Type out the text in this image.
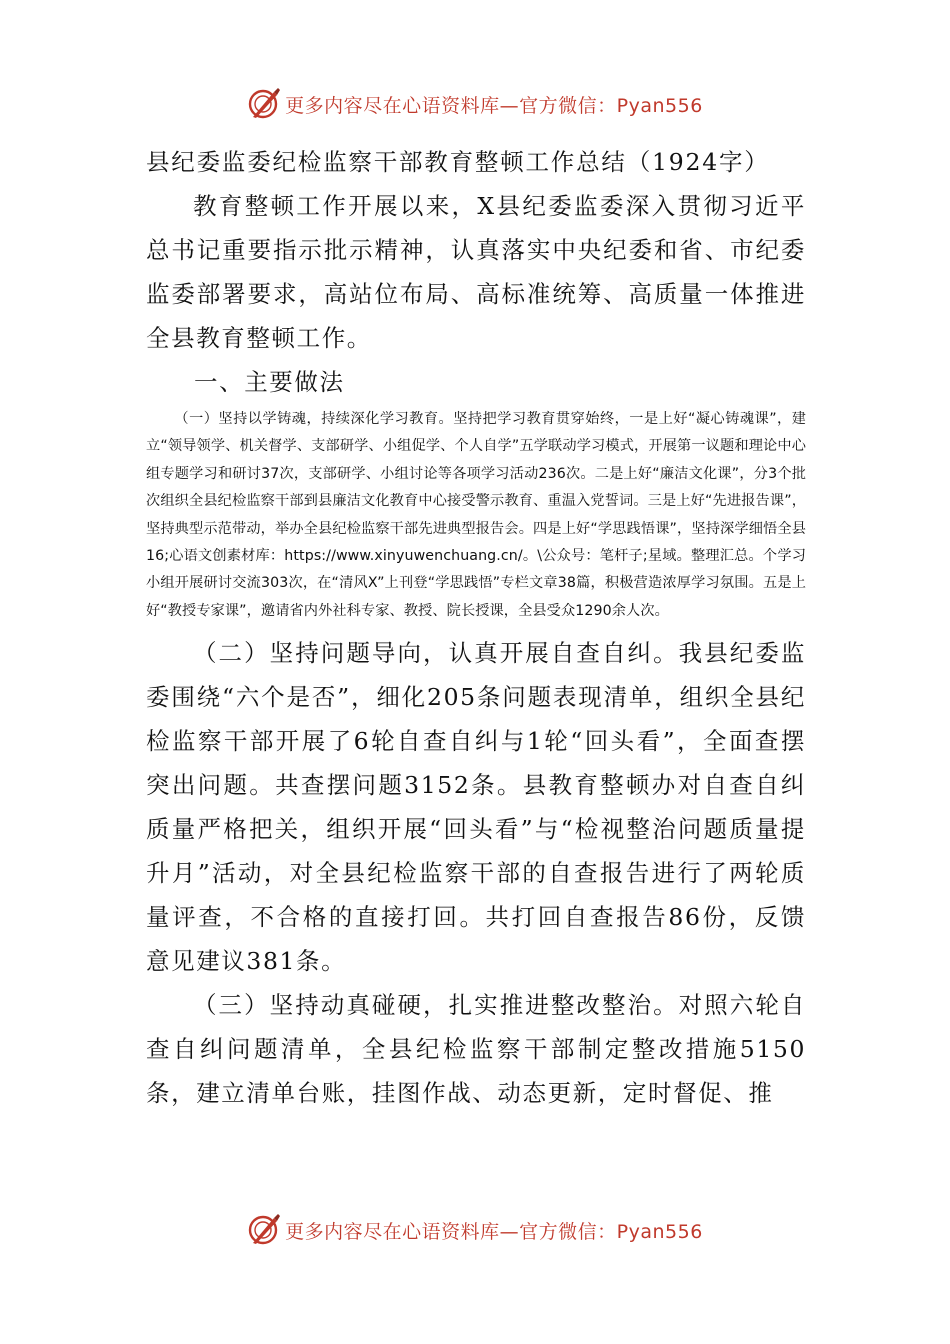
更多内容尽在心语资料库—官方微信：Pyan556

县纪委监委纪检监察干部教育整顿工作总结（1924字）

教育整顿工作开展以来，X县纪委监委深入贯彻习近平总书记重要指示批示精神，认真落实中央纪委和省、市纪委监委部署要求，高站位布局、高标准统筹、高质量一体推进全县教育整顿工作。

一、主要做法

（一）坚持以学铸魂，持续深化学习教育。坚持把学习教育贯穿始终，一是上好“凝心铸魂课”，建立“领导领学、机关督学、支部研学、小组促学、个人自学”五学联动学习模式，开展第一议题和理论中心组专题学习和研讨37次，支部研学、小组讨论等各项学习活动236次。二是上好“廉洁文化课”，分3个批次组织全县纪检监察干部到县廉洁文化教育中心接受警示教育、重温入党誓词。三是上好“先进报告课”，坚持典型示范带动，举办全县纪检监察干部先进典型报告会。四是上好“学思践悟课”，坚持深学细悟全县16;心语文创素材库：https://www.xinyuwenchuang.cn/。\公众号：笔杆子;星域。整理汇总。个学习小组开展研讨交流303次，在“清风X”上刊登“学思践悟”专栏文章38篇，积极营造浓厚学习氛围。五是上好“教授专家课”，邀请省内外社科专家、教授、院长授课，全县受众1290余人次。

（二）坚持问题导向，认真开展自查自纠。我县纪委监委围绕“六个是否”，细化205条问题表现清单，组织全县纪检监察干部开展了6轮自查自纠与1轮“回头看”，全面查摆突出问题。共查摆问题3152条。县教育整顿办对自查自纠质量严格把关，组织开展“回头看”与“检视整治问题质量提升月”活动，对全县纪检监察干部的自查报告进行了两轮质量评查，不合格的直接打回。共打回自查报告86份，反馈意见建议381条。

（三）坚持动真碰硬，扎实推进整改整治。对照六轮自查自纠问题清单，全县纪检监察干部制定整改措施5150条，建立清单台账，挂图作战、动态更新，定时督促、推

更多内容尽在心语资料库—官方微信：Pyan556
